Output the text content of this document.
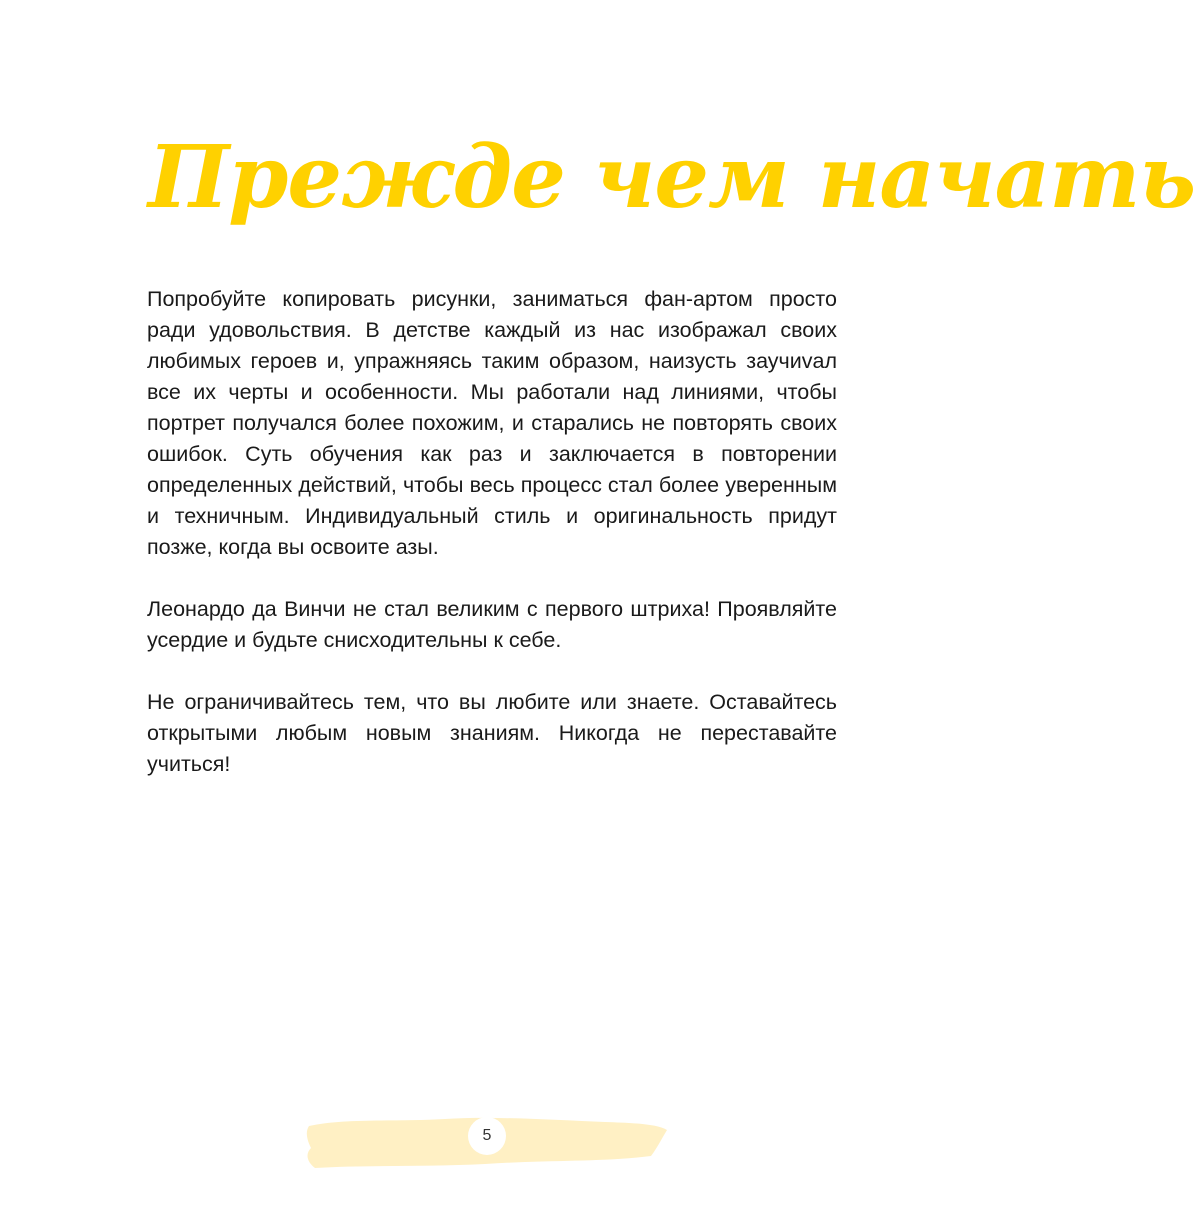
Прежде чем начать

Попробуйте копировать рисунки, заниматься фан-артом просто ради удовольствия. В детстве каждый из нас изображал своих любимых героев и, упражняясь таким образом, наизусть заучиvал все их черты и особенности. Мы работали над линиями, чтобы портрет получался более похожим, и старались не повторять своих ошибок. Суть обучения как раз и заключается в повторении определенных действий, чтобы весь процесс стал более уверенным и техничным. Индивидуальный стиль и оригинальность придут позже, когда вы освоите азы.

Леонардо да Винчи не стал великим с первого штриха! Проявляйте усердие и будьте снисходительны к себе.

Не ограничивайтесь тем, что вы любите или знаете. Оставайтесь открытыми любым новым знаниям. Никогда не переставайте учиться!

5
